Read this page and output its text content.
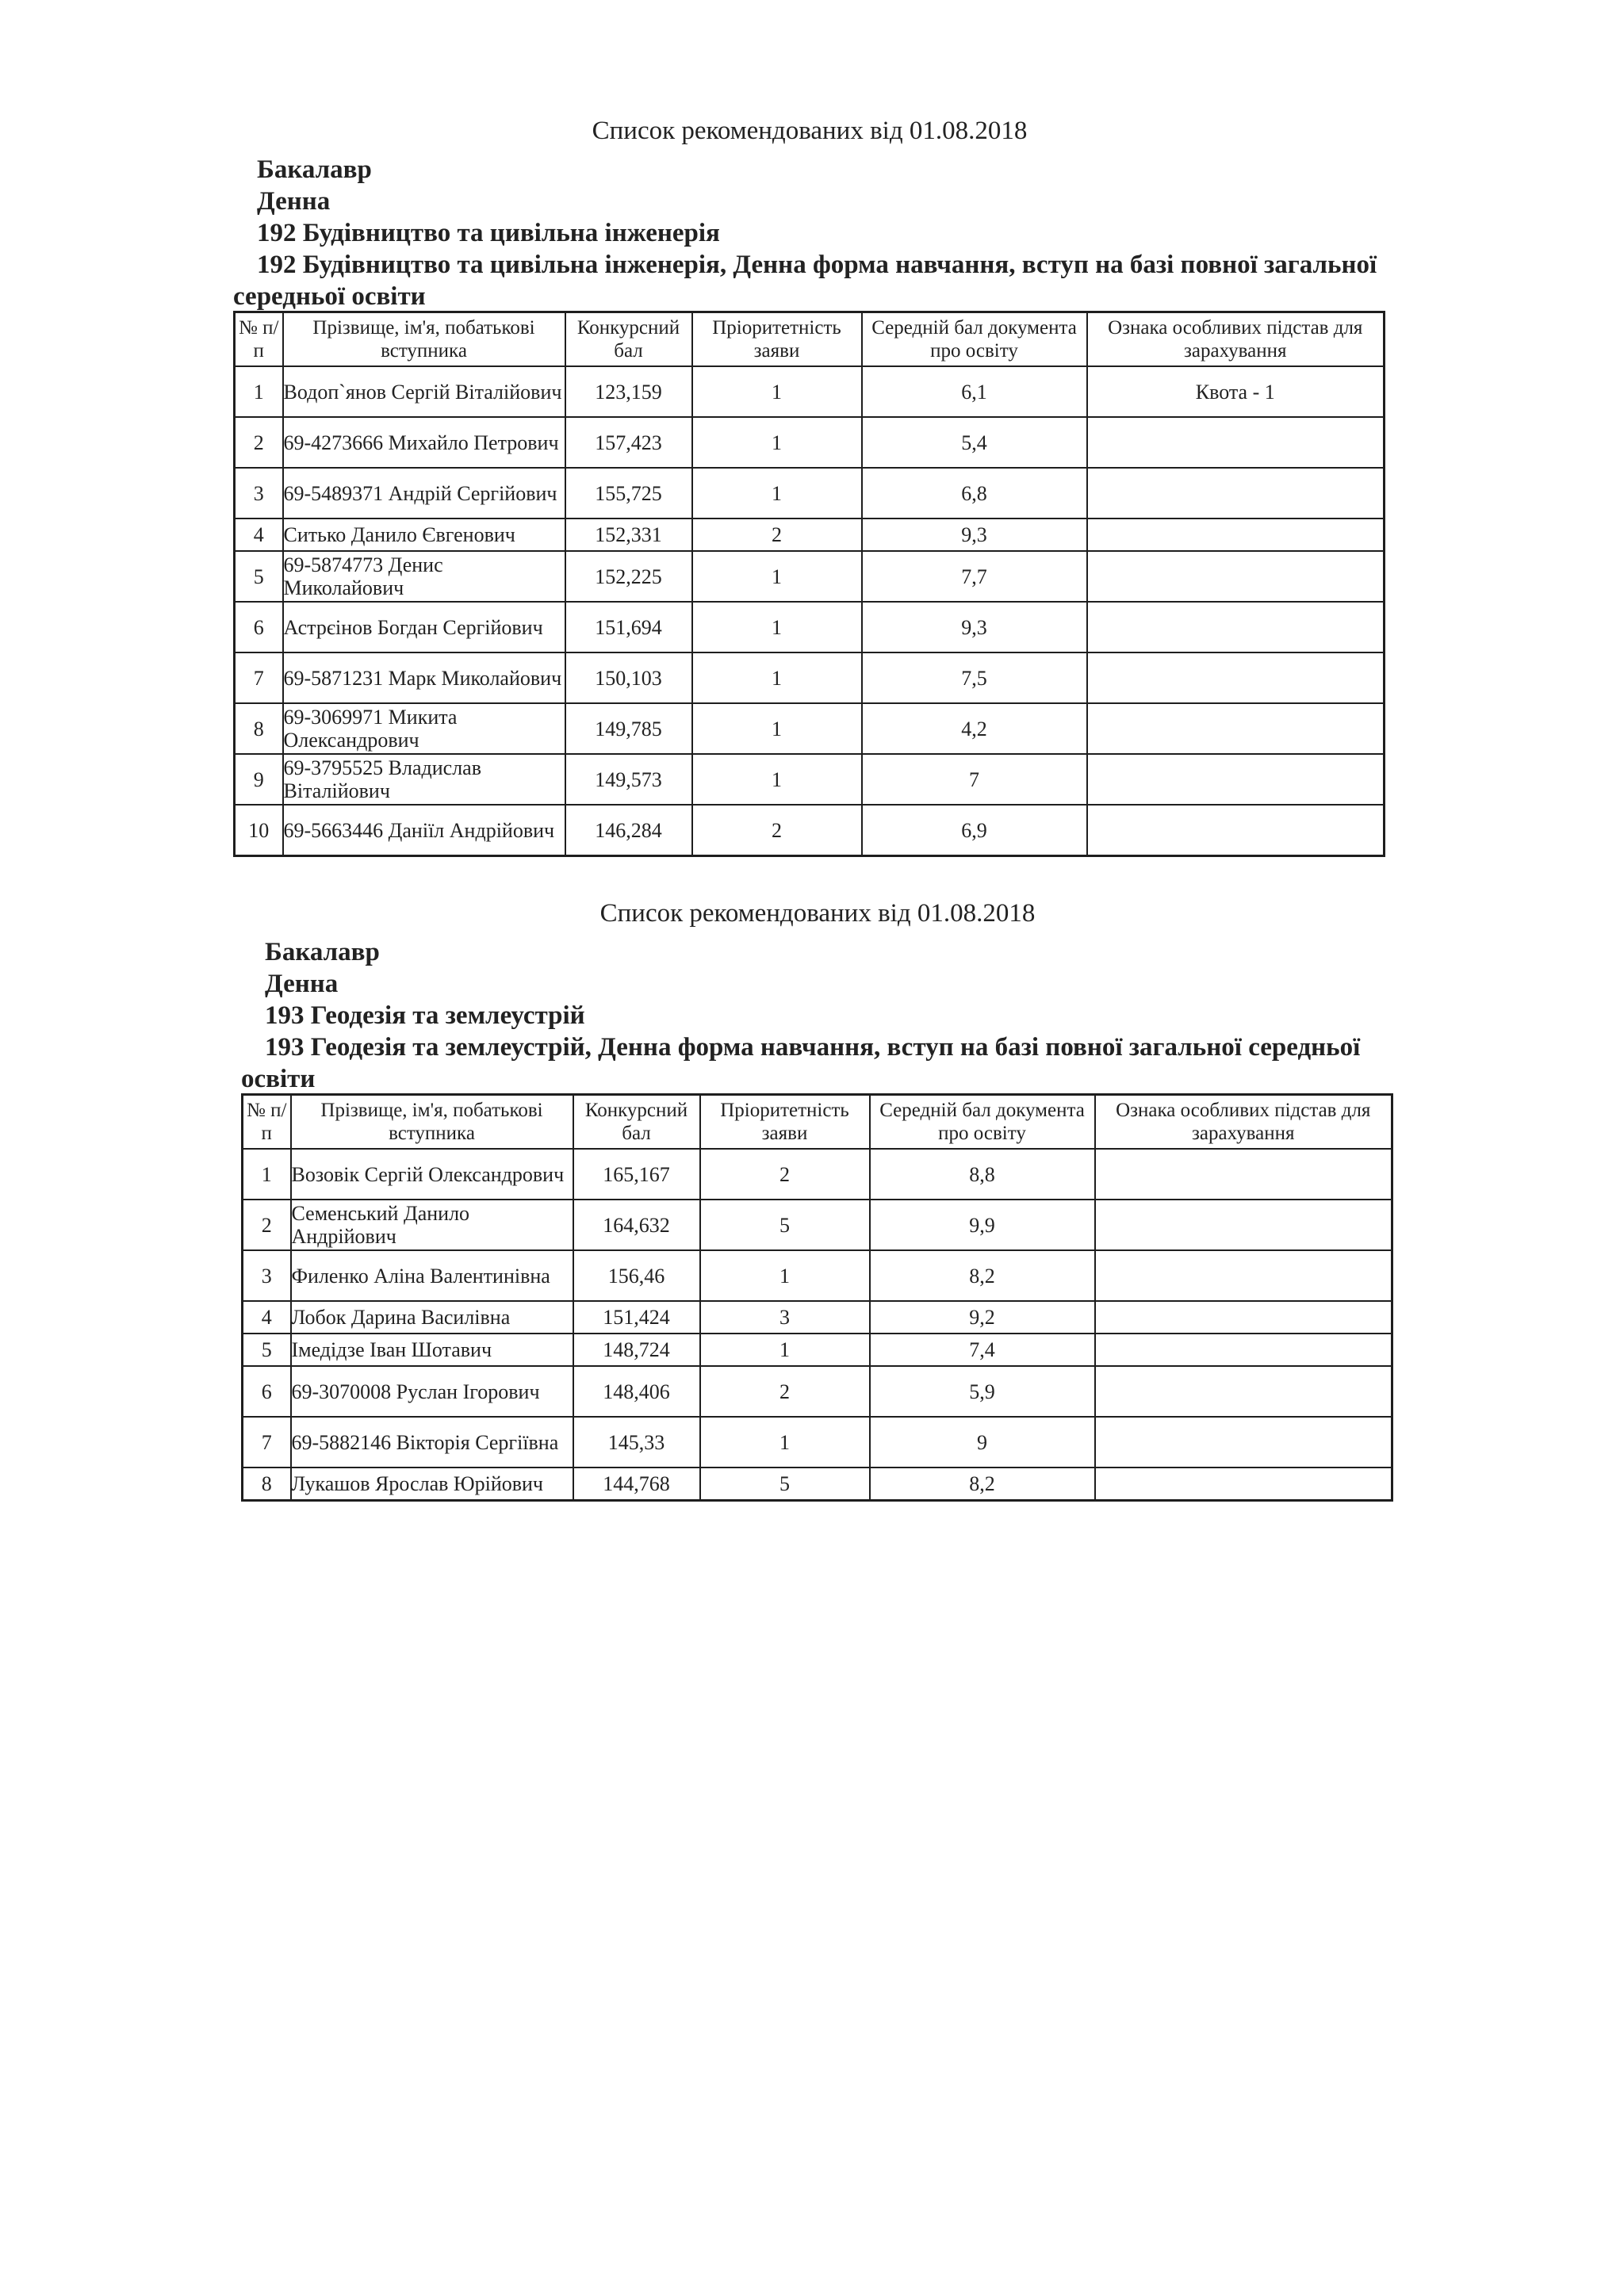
Список рекомендованих від 01.08.2018
Бакалавр
Денна
192 Будівництво та цивільна інженерія
192 Будівництво та цивільна інженерія, Денна форма навчання, вступ на базі повної загальної середньої освіти
№ п/п	Прізвище, ім'я, побатькові вступника	Конкурсний бал	Пріоритетність заяви	Середній бал документа про освіту	Ознака особливих підстав для зарахування
1	Водоп`янов Сергій Віталійович	123,159	1	6,1	Квота - 1
2	69-4273666 Михайло Петрович	157,423	1	5,4	
3	69-5489371 Андрій Сергійович	155,725	1	6,8	
4	Ситько Данило Євгенович	152,331	2	9,3	
5	69-5874773 Денис Миколайович	152,225	1	7,7	
6	Астрєінов Богдан Сергійович	151,694	1	9,3	
7	69-5871231 Марк Миколайович	150,103	1	7,5	
8	69-3069971 Микита Олександрович	149,785	1	4,2	
9	69-3795525 Владислав Віталійович	149,573	1	7	
10	69-5663446 Даніїл Андрійович	146,284	2	6,9	
Список рекомендованих від 01.08.2018
Бакалавр
Денна
193 Геодезія та землеустрій
193 Геодезія та землеустрій, Денна форма навчання, вступ на базі повної загальної середньої освіти
№ п/п	Прізвище, ім'я, побатькові вступника	Конкурсний бал	Пріоритетність заяви	Середній бал документа про освіту	Ознака особливих підстав для зарахування
1	Возовік Сергій Олександрович	165,167	2	8,8	
2	Семенський Данило Андрійович	164,632	5	9,9	
3	Филенко Аліна Валентинівна	156,46	1	8,2	
4	Лобок Дарина Василівна	151,424	3	9,2	
5	Імедідзе Іван Шотавич	148,724	1	7,4	
6	69-3070008 Руслан Ігорович	148,406	2	5,9	
7	69-5882146 Вікторія Сергіївна	145,33	1	9	
8	Лукашов Ярослав Юрійович	144,768	5	8,2	
